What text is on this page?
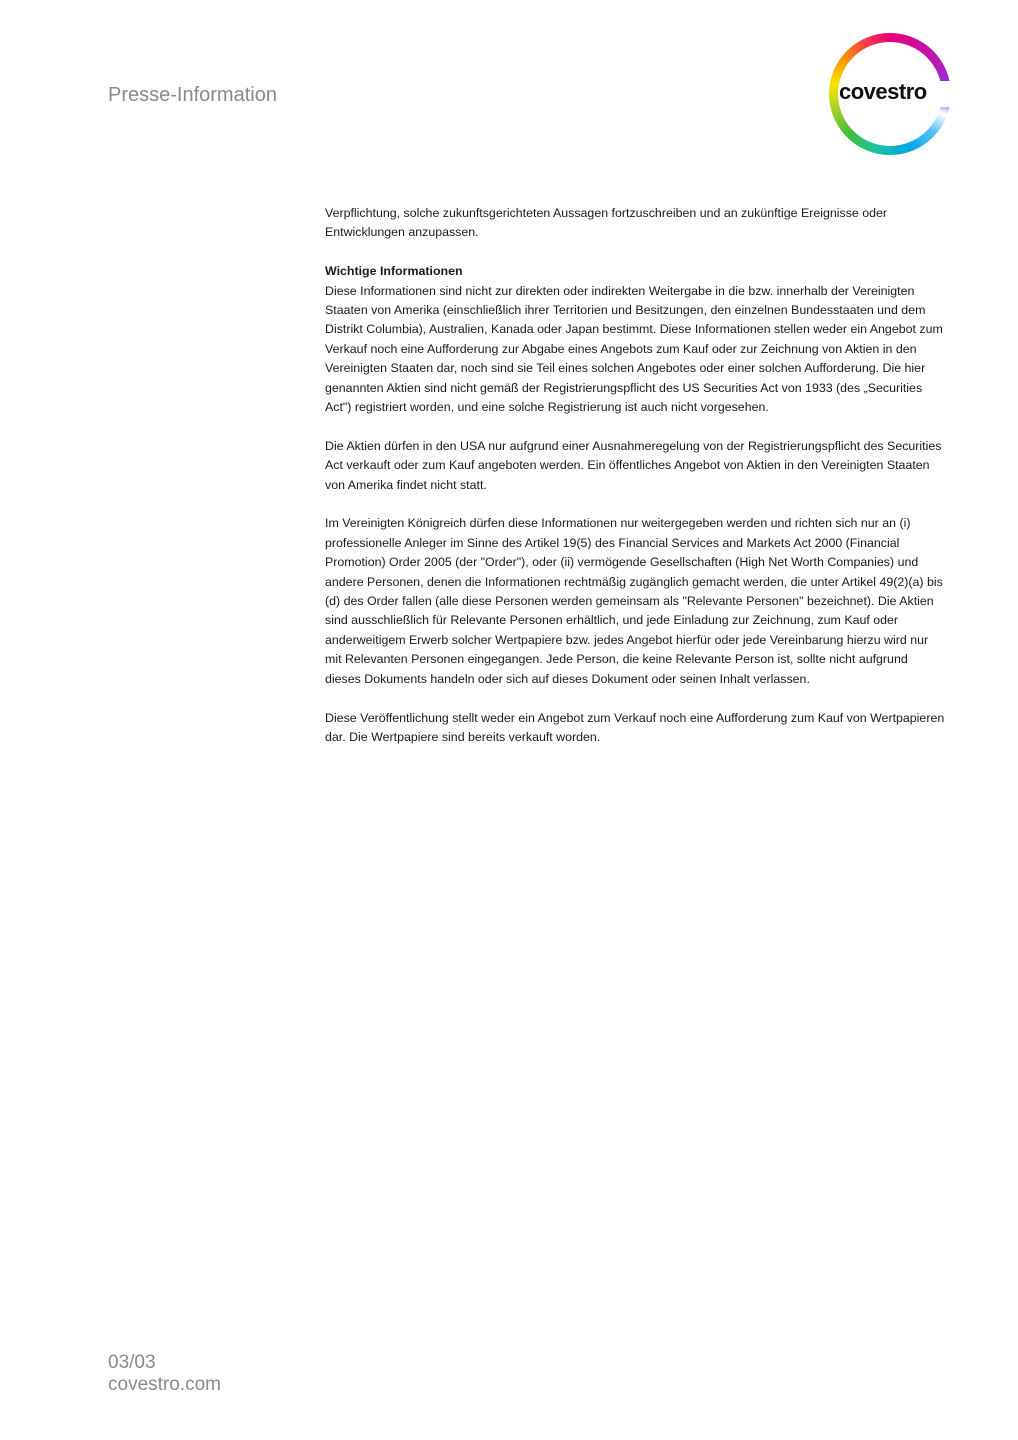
Presse-Information	covestro

Verpflichtung, solche zukunftsgerichteten Aussagen fortzuschreiben und an zukünftige Ereignisse oder Entwicklungen anzupassen.

Wichtige Informationen
Diese Informationen sind nicht zur direkten oder indirekten Weitergabe in die bzw. innerhalb der Vereinigten Staaten von Amerika (einschließlich ihrer Territorien und Besitzungen, den einzelnen Bundesstaaten und dem Distrikt Columbia), Australien, Kanada oder Japan bestimmt. Diese Informationen stellen weder ein Angebot zum Verkauf noch eine Aufforderung zur Abgabe eines Angebots zum Kauf oder zur Zeichnung von Aktien in den Vereinigten Staaten dar, noch sind sie Teil eines solchen Angebotes oder einer solchen Aufforderung. Die hier genannten Aktien sind nicht gemäß der Registrierungspflicht des US Securities Act von 1933 (des „Securities Act") registriert worden, und eine solche Registrierung ist auch nicht vorgesehen.

Die Aktien dürfen in den USA nur aufgrund einer Ausnahmeregelung von der Registrierungspflicht des Securities Act verkauft oder zum Kauf angeboten werden. Ein öffentliches Angebot von Aktien in den Vereinigten Staaten von Amerika findet nicht statt.

Im Vereinigten Königreich dürfen diese Informationen nur weitergegeben werden und richten sich nur an (i) professionelle Anleger im Sinne des Artikel 19(5) des Financial Services and Markets Act 2000 (Financial Promotion) Order 2005 (der "Order"), oder (ii) vermögende Gesellschaften (High Net Worth Companies) und andere Personen, denen die Informationen rechtmäßig zugänglich gemacht werden, die unter Artikel 49(2)(a) bis (d) des Order fallen (alle diese Personen werden gemeinsam als "Relevante Personen" bezeichnet). Die Aktien sind ausschließlich für Relevante Personen erhältlich, und jede Einladung zur Zeichnung, zum Kauf oder anderweitigem Erwerb solcher Wertpapiere bzw. jedes Angebot hierfür oder jede Vereinbarung hierzu wird nur mit Relevanten Personen eingegangen. Jede Person, die keine Relevante Person ist, sollte nicht aufgrund dieses Dokuments handeln oder sich auf dieses Dokument oder seinen Inhalt verlassen.

Diese Veröffentlichung stellt weder ein Angebot zum Verkauf noch eine Aufforderung zum Kauf von Wertpapieren dar. Die Wertpapiere sind bereits verkauft worden.

03/03
covestro.com
